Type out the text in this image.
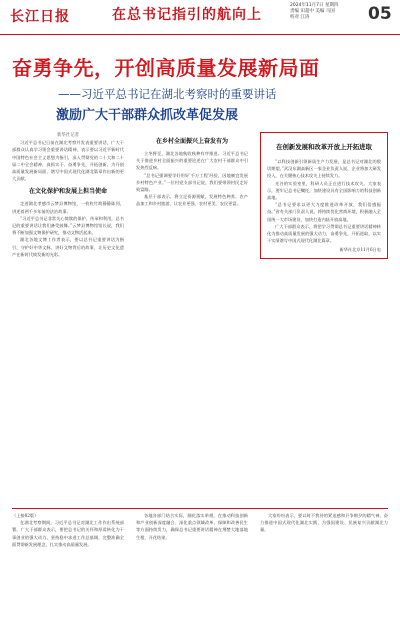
长江日报	在总书记指引的航向上
2024年11月7日 星期四
责编 田超中 美编 马国
校对 江涛	05
奋勇争先，开创高质量发展新局面
——习近平总书记在湖北考察时的重要讲话
激励广大干部群众抓改革促发展

新华社记者

习近平总书记日前在湖北考察并发表重要讲话，广大干部群众认真学习领会重要讲话精神，表示要以习近平新时代中国特色社会主义思想为指引，深入贯彻党的二十大和二十届二中全会精神，真抓实干、奋勇争先，开拓创新，为开创高质量发展新局面、谱写中国式现代化湖北篇章作出新的更大贡献。

在文化保护和发展上担当使命

走进湖北孝感市云梦县博物馆，一枚枚竹简静静陈列，讲述着两千多年前的法治故事。

“习近平总书记非常关心简牍的保护、传承和利用，总书记的重要讲话让我们备受鼓舞。”云梦县博物馆馆长说，我们将不断加强文物保护研究，推动文物活起来。

湖北各地文博工作者表示，要以总书记重要讲话为指引，守护好中华文脉，讲好文物背后的故事，让历史文化遗产在新时代焕发新的光彩。

在乡村全面振兴上奋发有为

立冬将至，湖北各地秋收秋种有序推进。习近平总书记关于推进乡村全面振兴的重要论述在广大农村干部群众中引发热烈反响。

“总书记强调要学好用好‘千万工程’经验，因地制宜发展乡村特色产业。”一位村党支部书记说，我们要带领村民走好致富路。

基层干部表示，将立足资源禀赋，发展特色种养、农产品加工和乡村旅游，让农业更强、农村更美、农民更富。

在创新发展和改革开放上开拓进取

“以科技创新引领新质生产力发展，是总书记对湖北的殷切期望。”武汉东湖高新区一家企业负责人说，企业将加大研发投入，在关键核心技术攻关上持续发力。

光谷的实验室里，科研人员正在进行技术攻关。大家表示，要牢记总书记嘱托，加快建设具有全国影响力的科技创新高地。

“总书记要求以更大力度推进改革开放，我们倍感振奋。”省有关部门负责人说，将持续优化营商环境，积极融入全国统一大市场建设，加快打造内陆开放高地。

广大干部群众表示，将把学习贯彻总书记重要讲话精神转化为推动高质量发展的强大动力，奋勇争先，开拓进取，以实干实绩谱写中国式现代化湖北篇章。

新华社北京11月6日电

（上接02版）

在湖北考察期间，习近平总书记对湖北工作作出系统部署。广大干部群众表示，要把总书记的关怀和厚爱转化为干事创业的强大动力，坚持稳中求进工作总基调，完整准确全面贯彻新发展理念，扎实推动高质量发展。

各地各部门结合实际，细化落实举措，在推动科技创新和产业创新深度融合、深化重点领域改革、保障和改善民生等方面持续发力，确保总书记重要讲话精神在荆楚大地落地生根、开花结果。

大家纷纷表示，要以时不我待的紧迫感和只争朝夕的精气神，奋力推进中国式现代化湖北实践，为强国建设、民族复兴贡献湖北力量。
